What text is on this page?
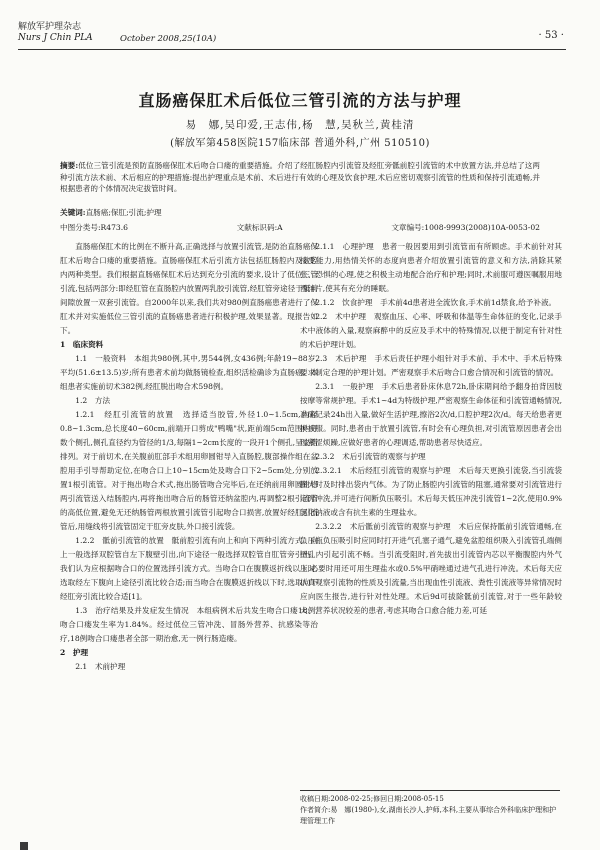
解放军护理杂志
Nurs J Chin PLA	October 2008,25(10A)	· 53 ·
直肠癌保肛术后低位三管引流的方法与护理
易　娜,吴印爱,王志伟,杨　慧,吴秋兰,黄桂清
(解放军第458医院157临床部 普通外科,广州 510510)
摘要:低位三管引流是预防直肠癌保肛术后吻合口瘘的重要措施。介绍了经肛肠腔内引流管及经肛旁骶前腔引流管的术中放置方法,并总结了这两种引流方法术前、术后相应的护理措施:提出护理重点是术前、术后进行有效的心理及饮食护理,术后应密切观察引流管的性质和保持引流通畅,并根据患者的个体情况决定拔管时间。
关键词:直肠癌;保肛;引流;护理
中图分类号:R473.6	文献标识码:A	文章编号:1008-9993(2008)10A-0053-02

直肠癌保肛术的比例在不断升高,正确选择与放置引流管,是防治直肠癌保肛术后吻合口瘘的重要措施。直肠癌保肛术后引流方法包括肛肠腔内及盆腔内两种类型。我们根据直肠癌保肛术后达到充分引流的要求,设计了低位三管引流,包括两部分:即经肛管在直肠腔内放置两乳胶引流管,经肛管旁途径于骶前间隙放置一双套引流管。自2000年以来,我们共对980例直肠癌患者进行了保肛术并对实施低位三管引流的直肠癌患者进行积极护理,效果显著。现报告如下。

1　临床资料

1.1　一般资料　本组共980例,其中,男544例,女436例;年龄19~88岁,平均(51.6±13.5)岁;所有患者术前均做肠镜检查,组织活检确诊为直肠癌。本组患者实施前切术382例,经肛脱出吻合术598例。

1.2　方法

1.2.1　经肛引流管的放置　选择适当胶管,外径1.0~1.5cm,内径0.8~1.3cm,总长度40~60cm,前端开口剪成"鸭嘴"状,距前端5cm范围内开数个侧孔,侧孔直径约为管径的1/3,每隔1~2cm长度的一段开1个侧孔,呈交错排列。对于前切术,在关腹前肛部手术组用卵圆钳导入直肠腔,腹部操作组在盆腔用手引导帮助定位,在吻合口上10~15cm处及吻合口下2~5cm处,分别放置1根引流管。对于拖出吻合术式,拖出肠管吻合完毕后,在还纳前用卵圆钳将两引流管送入结肠腔内,再将拖出吻合后的肠管还纳盆腔内,再调整2根引流管的高低位置,避免无还纳肠管两根放置引流管引起吻合口损害,放置好经肛引流管后,用缝线将引流管固定于肛旁皮肤,外口接引流袋。

1.2.2　骶前引流管的放置　骶前腔引流有向上和向下两种引流方式。向上一般选择双腔管自左下腹壁引出,向下途径一般选择双腔管自肛管旁引出。我们认为应根据吻合口的位置选择引流方式。当吻合口在腹膜返折线以上时,选取经左下腹向上途径引流比较合适;而当吻合在腹膜返折线以下时,选取向下经肛旁引流比较合适[1]。

1.3　治疗结果及并发症发生情况　本组病例术后共发生吻合口瘘18例,吻合口瘘发生率为1.84%。经过低位三管冲洗、冒肠外营养、抗感染等治疗,18例吻合口瘘患者全部一期治愈,无一例行肠造瘘。

2　护理

2.1　术前护理

2.1.1　心理护理　患者一般因要用到引流管而有所顾虑。手术前针对其接受能力,用热情关怀的态度向患者介绍放置引流管的意义和方法,消除其紧张、恐惧的心理,使之积极主动地配合治疗和护理;同时,术前服可遵医嘱服用地西泮片,使其有充分的睡眠。

2.1.2　饮食护理　手术前4d患者进全流饮食,手术前1d禁食,给予补液。

2.2　术中护理　观察血压、心率、呼吸和体温等生命体征的变化,记录手术中液体的入量,观察麻醉中的反应及手术中的特殊情况,以便于制定有针对性的术后护理计划。

2.3　术后护理　手术后责任护理小组针对手术前、手术中、手术后特殊要求制定合理的护理计划。严密观察手术后吻合口愈合情况和引流管的情况。

2.3.1　一般护理　手术后患者卧床休息72h,卧床期间给予翻身拍背因肢按摩等常规护理。手术1~4d为特级护理,严密观察生命体征和引流管通畅情况,准确记录24h出入量,做好生活护理,擦浴2次/d,口腔护理2次/d。每天给患者更换被服。同时,患者由于放置引流管,有时会有心理负担,对引流管原因患者会出现紧涩烦躁,应做好患者的心理调适,帮助患者尽快适应。

2.3.2　术后引流管的观察与护理

2.3.2.1　术后经肛引流管的观察与护理　术后每天更换引流袋,当引流袋膨大时及时排出袋内气体。为了防止肠腔内引流管的阻塞,通常要对引流管进行定时冲洗,并可进行间断负压吸引。术后每天低压冲洗引流管1~2次,使用0.9%氯化钠液或含有抗生素的生理盐水。

2.3.2.2　术后骶前引流管的观察与护理　术后应保持骶前引流管通畅,在负压瓶负压吸引时应同时打开进气孔塞子通气,避免盆腔组织吸入引流管孔端侧壁孔内引起引流不畅。当引流受阻时,首先拔出引流管内芯以平衡腹腔内外气压,必要时用还可用生理盐水或0.5%甲硝唑通过进气孔进行冲洗。术后每天应认真观察引流物的性质及引流量,当出现血性引流液、粪性引流液等异常情况时应向医生报告,进行针对性处理。术后9d可拔除骶前引流管,对于一些年龄较大、营养状况较差的患者,考虑其吻合口愈合能力差,可延

收稿日期:2008-02-25;修回日期:2008-05-15
作者简介:易　娜(1980-),女,湖南长沙人,护师,本科,主要从事综合外科临床护理和护理管理工作
